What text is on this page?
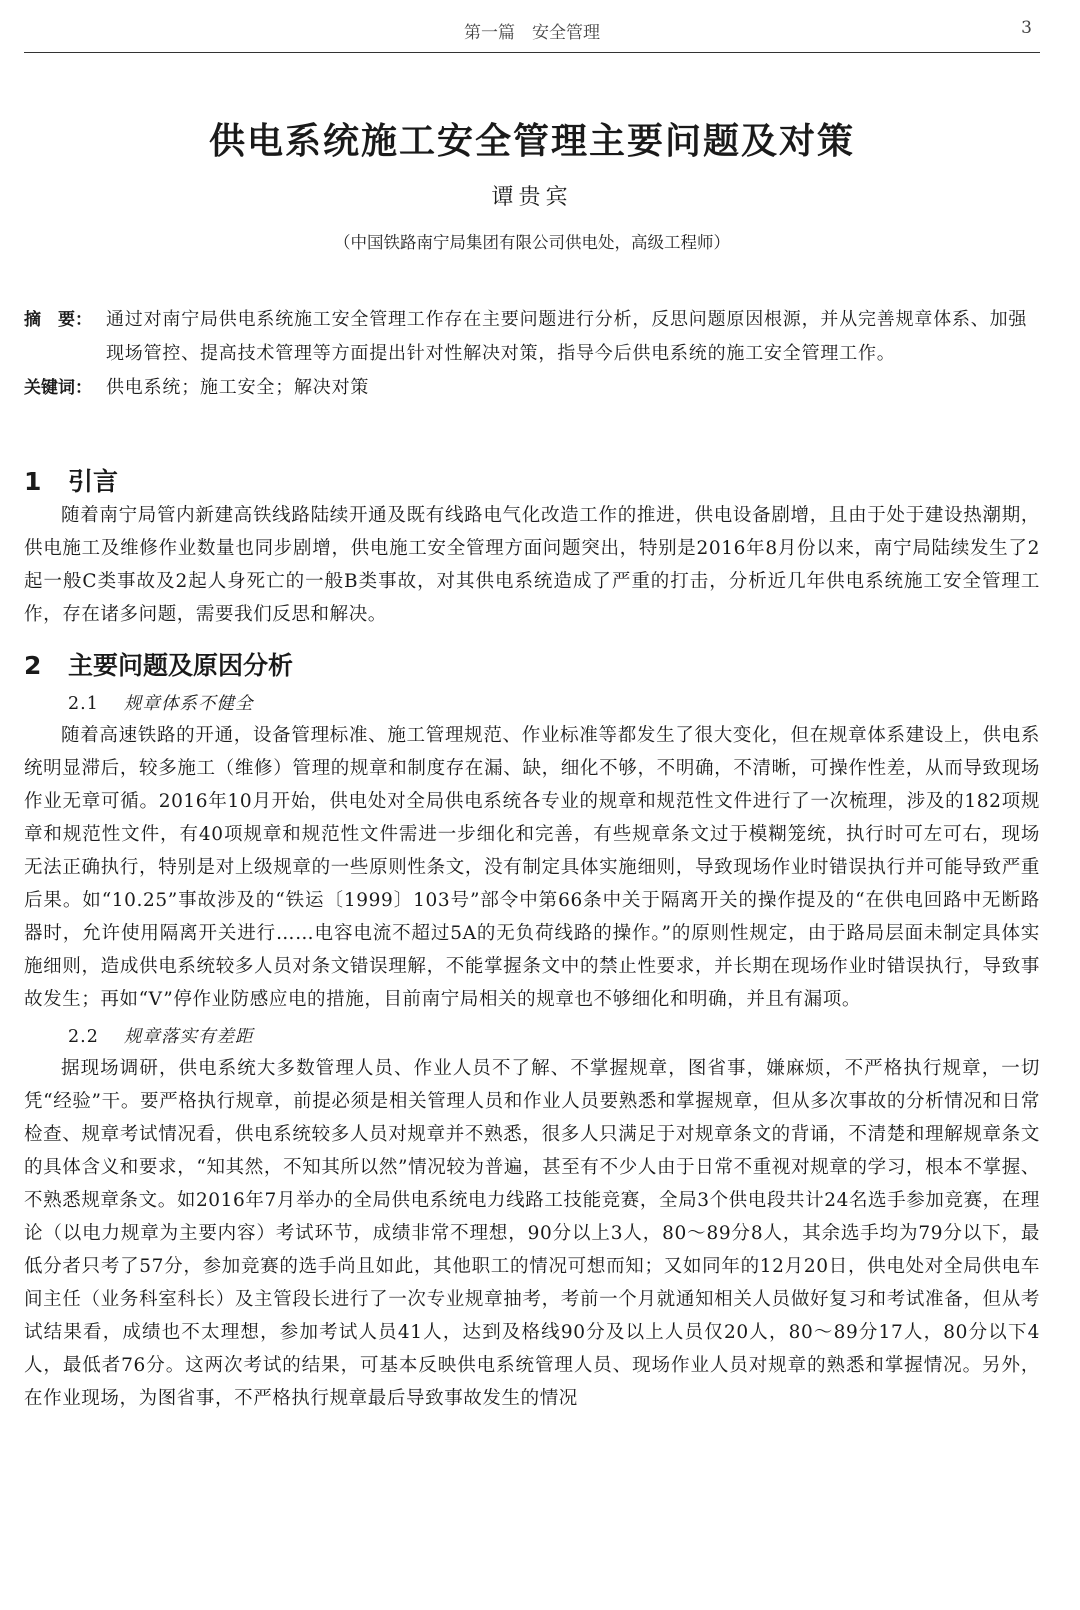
第一篇　安全管理	3
供电系统施工安全管理主要问题及对策
谭贵宾
（中国铁路南宁局集团有限公司供电处，高级工程师）
摘　要： 通过对南宁局供电系统施工安全管理工作存在主要问题进行分析，反思问题原因根源，并从完善规章体系、加强现场管控、提高技术管理等方面提出针对性解决对策，指导今后供电系统的施工安全管理工作。
关键词： 供电系统；施工安全；解决对策
1 引言

随着南宁局管内新建高铁线路陆续开通及既有线路电气化改造工作的推进，供电设备剧增，且由于处于建设热潮期，供电施工及维修作业数量也同步剧增，供电施工安全管理方面问题突出，特别是2016年8月份以来，南宁局陆续发生了2起一般C类事故及2起人身死亡的一般B类事故，对其供电系统造成了严重的打击，分析近几年供电系统施工安全管理工作，存在诸多问题，需要我们反思和解决。

2 主要问题及原因分析
2.1 规章体系不健全

随着高速铁路的开通，设备管理标准、施工管理规范、作业标准等都发生了很大变化，但在规章体系建设上，供电系统明显滞后，较多施工（维修）管理的规章和制度存在漏、缺，细化不够，不明确，不清晰，可操作性差，从而导致现场作业无章可循。2016年10月开始，供电处对全局供电系统各专业的规章和规范性文件进行了一次梳理，涉及的182项规章和规范性文件，有40项规章和规范性文件需进一步细化和完善，有些规章条文过于模糊笼统，执行时可左可右，现场无法正确执行，特别是对上级规章的一些原则性条文，没有制定具体实施细则，导致现场作业时错误执行并可能导致严重后果。如“10.25”事故涉及的“铁运〔1999〕103号”部令中第66条中关于隔离开关的操作提及的“在供电回路中无断路器时，允许使用隔离开关进行……电容电流不超过5A的无负荷线路的操作。”的原则性规定，由于路局层面未制定具体实施细则，造成供电系统较多人员对条文错误理解，不能掌握条文中的禁止性要求，并长期在现场作业时错误执行，导致事故发生；再如“V”停作业防感应电的措施，目前南宁局相关的规章也不够细化和明确，并且有漏项。

2.2 规章落实有差距

据现场调研，供电系统大多数管理人员、作业人员不了解、不掌握规章，图省事，嫌麻烦，不严格执行规章，一切凭“经验”干。要严格执行规章，前提必须是相关管理人员和作业人员要熟悉和掌握规章，但从多次事故的分析情况和日常检查、规章考试情况看，供电系统较多人员对规章并不熟悉，很多人只满足于对规章条文的背诵，不清楚和理解规章条文的具体含义和要求，“知其然，不知其所以然”情况较为普遍，甚至有不少人由于日常不重视对规章的学习，根本不掌握、不熟悉规章条文。如2016年7月举办的全局供电系统电力线路工技能竞赛，全局3个供电段共计24名选手参加竞赛，在理论（以电力规章为主要内容）考试环节，成绩非常不理想，90分以上3人，80～89分8人，其余选手均为79分以下，最低分者只考了57分，参加竞赛的选手尚且如此，其他职工的情况可想而知；又如同年的12月20日，供电处对全局供电车间主任（业务科室科长）及主管段长进行了一次专业规章抽考，考前一个月就通知相关人员做好复习和考试准备，但从考试结果看，成绩也不太理想，参加考试人员41人，达到及格线90分及以上人员仅20人，80～89分17人，80分以下4人，最低者76分。这两次考试的结果，可基本反映供电系统管理人员、现场作业人员对规章的熟悉和掌握情况。另外，在作业现场，为图省事，不严格执行规章最后导致事故发生的情况
